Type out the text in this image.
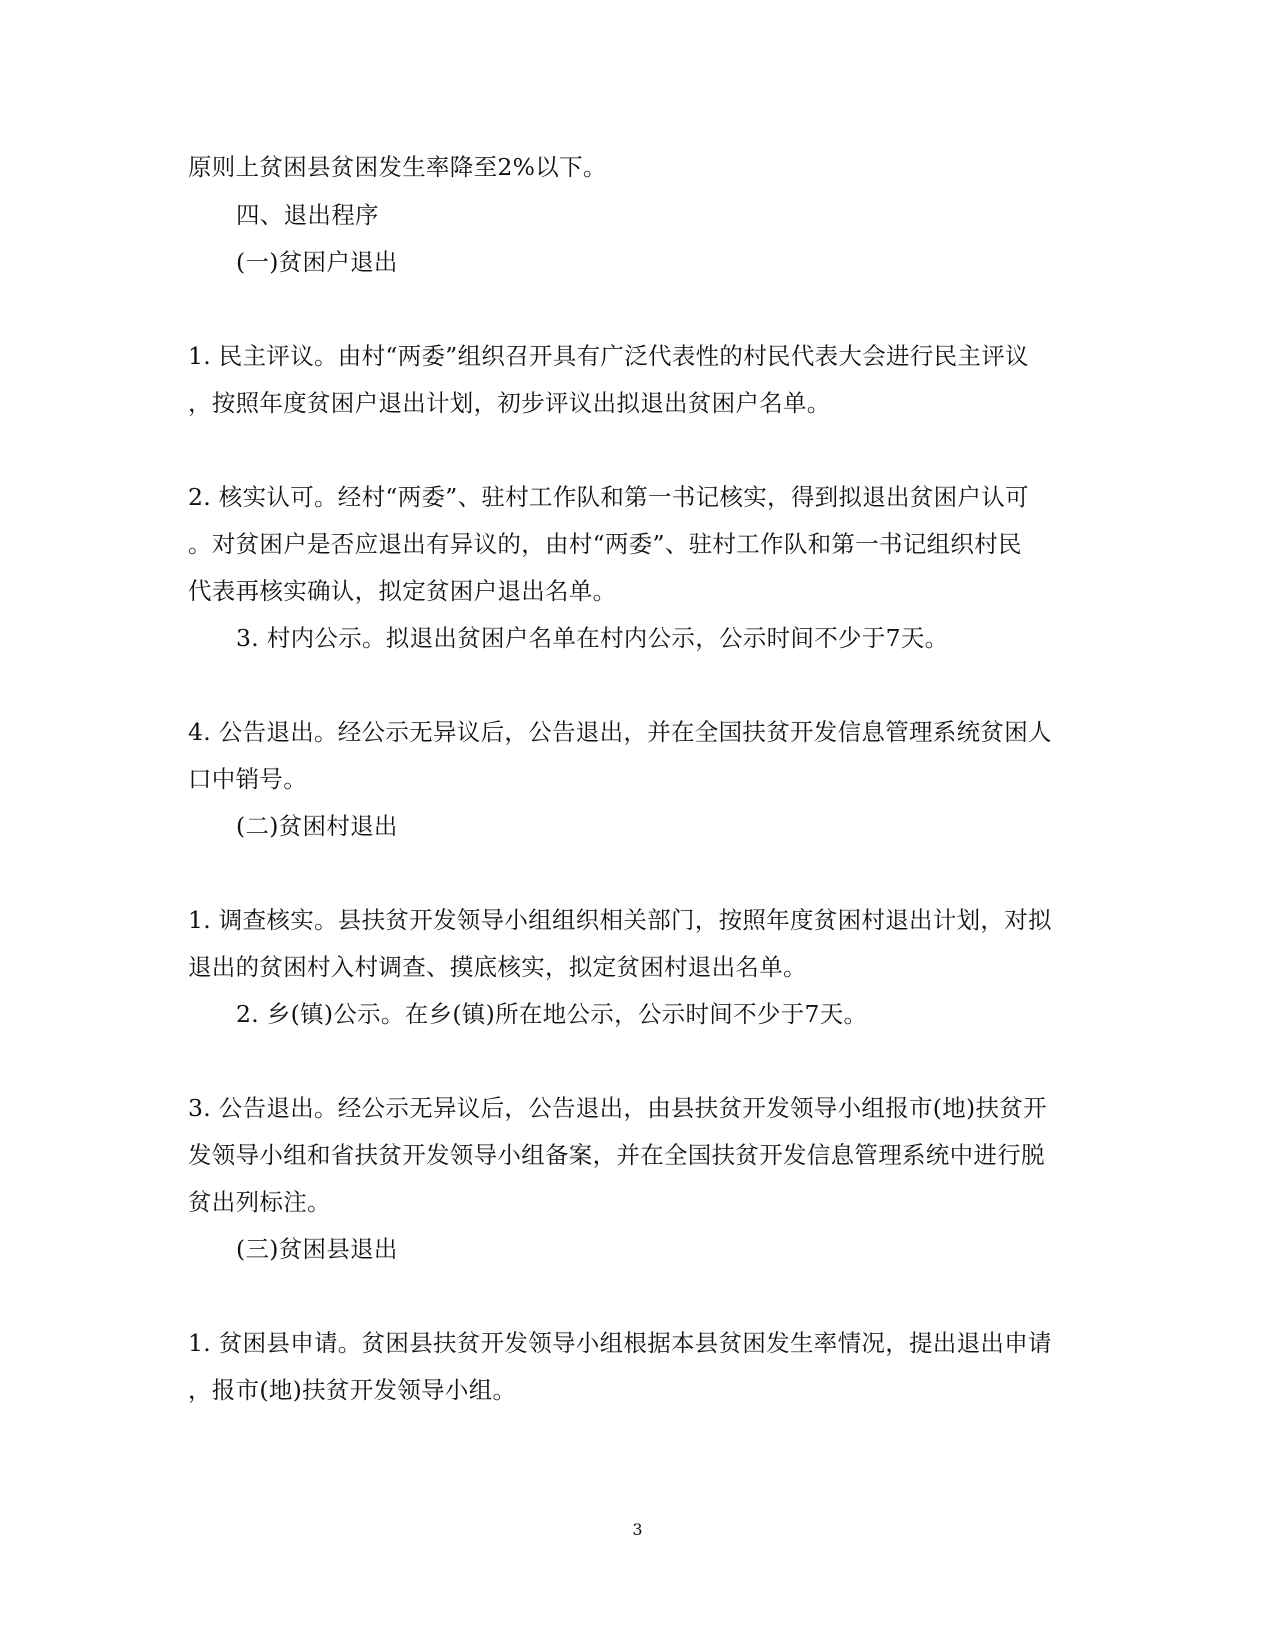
原则上贫困县贫困发生率降至2%以下。
四、退出程序
(一)贫困户退出
1. 民主评议。由村“两委”组织召开具有广泛代表性的村民代表大会进行民主评议
，按照年度贫困户退出计划，初步评议出拟退出贫困户名单。
2. 核实认可。经村“两委”、驻村工作队和第一书记核实，得到拟退出贫困户认可
。对贫困户是否应退出有异议的，由村“两委”、驻村工作队和第一书记组织村民
代表再核实确认，拟定贫困户退出名单。
3. 村内公示。拟退出贫困户名单在村内公示，公示时间不少于7天。
4. 公告退出。经公示无异议后，公告退出，并在全国扶贫开发信息管理系统贫困人
口中销号。
(二)贫困村退出
1. 调查核实。县扶贫开发领导小组组织相关部门，按照年度贫困村退出计划，对拟
退出的贫困村入村调查、摸底核实，拟定贫困村退出名单。
2. 乡(镇)公示。在乡(镇)所在地公示，公示时间不少于7天。
3. 公告退出。经公示无异议后，公告退出，由县扶贫开发领导小组报市(地)扶贫开
发领导小组和省扶贫开发领导小组备案，并在全国扶贫开发信息管理系统中进行脱
贫出列标注。
(三)贫困县退出
1. 贫困县申请。贫困县扶贫开发领导小组根据本县贫困发生率情况，提出退出申请
，报市(地)扶贫开发领导小组。
3
